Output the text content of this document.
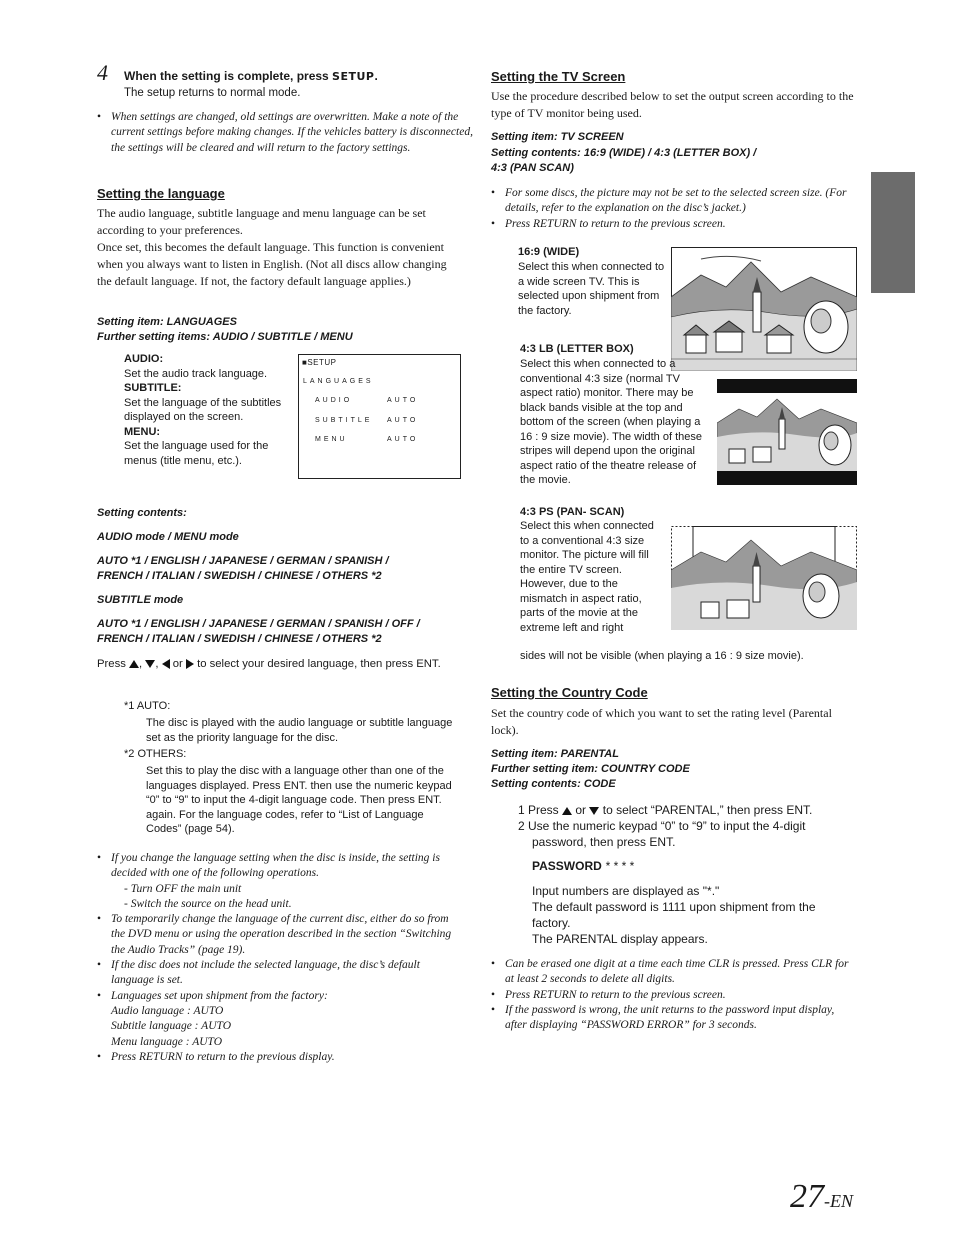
4 When the setting is complete, press SETUP.
The setup returns to normal mode.
• When settings are changed, old settings are overwritten. Make a note of the current settings before making changes. If the vehicles battery is disconnected, the settings will be cleared and will return to the factory settings.
Setting the language
The audio language, subtitle language and menu language can be set according to your preferences.
Once set, this becomes the default language. This function is convenient when you always want to listen in English. (Not all discs allow changing the default language. If not, the factory default language applies.)
Setting item: LANGUAGES
Further setting items: AUDIO / SUBTITLE / MENU
AUDIO:
Set the audio track language.
SUBTITLE:
Set the language of the subtitles displayed on the screen.
MENU:
Set the language used for the menus (title menu, etc.).
■SETUP
LANGUAGES
AUDIO	AUTO
SUBTITLE AUTO
MENU	AUTO
Setting contents:
AUDIO mode / MENU mode
AUTO *1 / ENGLISH / JAPANESE / GERMAN / SPANISH /
FRENCH / ITALIAN / SWEDISH / CHINESE / OTHERS *2
SUBTITLE mode
AUTO *1 / ENGLISH / JAPANESE / GERMAN / SPANISH / OFF /
FRENCH / ITALIAN / SWEDISH / CHINESE / OTHERS *2
Press , ,  or  to select your desired language, then press ENT.
*1 AUTO:
The disc is played with the audio language or subtitle language set as the priority language for the disc.
*2 OTHERS:
Set this to play the disc with a language other than one of the languages displayed. Press ENT. then use the numeric keypad “0” to “9” to input the 4-digit language code. Then press ENT. again. For the language codes, refer to “List of Language Codes” (page 54).
• If you change the language setting when the disc is inside, the setting is decided with one of the following operations.
- Turn OFF the main unit
- Switch the source on the head unit.
• To temporarily change the language of the current disc, either do so from the DVD menu or using the operation described in the section “Switching the Audio Tracks” (page 19).
• If the disc does not include the selected language, the disc’s default language is set.
• Languages set upon shipment from the factory:
Audio language : AUTO
Subtitle language : AUTO
Menu language : AUTO
• Press RETURN to return to the previous display.
Setting the TV Screen
Use the procedure described below to set the output screen according to the type of TV monitor being used.
Setting item: TV SCREEN
Setting contents: 16:9 (WIDE) / 4:3 (LETTER BOX) /
4:3 (PAN SCAN)
• For some discs, the picture may not be set to the selected screen size. (For details, refer to the explanation on the disc’s jacket.)
• Press RETURN to return to the previous screen.
16:9 (WIDE)
Select this when connected to a wide screen TV. This is selected upon shipment from the factory.
4:3 LB (LETTER BOX)
Select this when connected to a conventional 4:3 size (normal TV aspect ratio) monitor. There may be black bands visible at the top and bottom of the screen (when playing a 16 : 9 size movie). The width of these stripes will depend upon the original aspect ratio of the theatre release of the movie.
4:3 PS (PAN- SCAN)
Select this when connected to a conventional 4:3 size monitor. The picture will fill the entire TV screen. However, due to the mismatch in aspect ratio, parts of the movie at the extreme left and right
sides will not be visible (when playing a 16 : 9 size movie).
Setting the Country Code
Set the country code of which you want to set the rating level (Parental lock).
Setting item: PARENTAL
Further setting item: COUNTRY CODE
Setting contents: CODE
1 Press or to select “PARENTAL,” then press ENT.
2 Use the numeric keypad “0” to “9” to input the 4-digit
password, then press ENT.
PASSWORD * * * *
Input numbers are displayed as "*."
The default password is 1111 upon shipment from the factory.
The PARENTAL display appears.
• Can be erased one digit at a time each time CLR is pressed. Press CLR for at least 2 seconds to delete all digits.
• Press RETURN to return to the previous screen.
• If the password is wrong, the unit returns to the password input display, after displaying “PASSWORD ERROR” for 3 seconds.
27-EN
